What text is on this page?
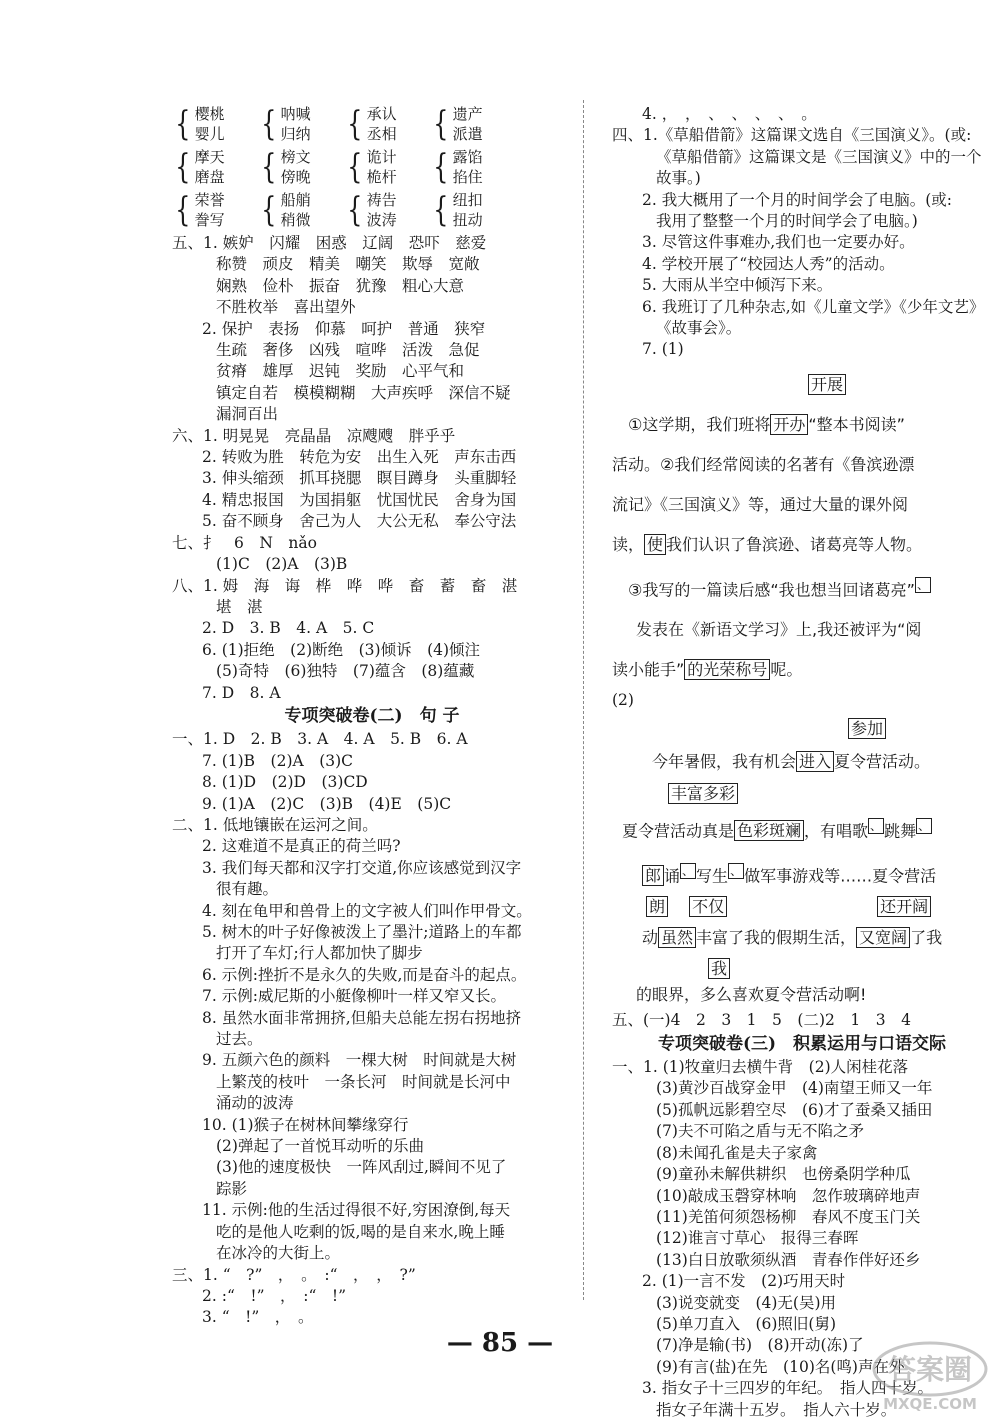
{ 樱桃
婴儿 { 呐喊
归纳 { 承认
丞相 { 遗产
派遣
{ 摩天
磨盘 { 榜文
傍晚 { 诡计
桅杆 { 露馅
掐住
{ 荣誉
誊写 { 船艄
稍微 { 祷告
波涛 { 纽扣
扭动

五、1. 嫉妒　闪耀　困惑　辽阔　恐吓　慈爱

称赞　顽皮　精美　嘲笑　欺辱　宽敞

娴熟　俭朴　振奋　犹豫　粗心大意

不胜枚举　喜出望外

2. 保护　表扬　仰慕　呵护　普通　狭窄

生疏　奢侈　凶残　喧哗　活泼　急促

贫瘠　雄厚　迟钝　奖励　心平气和

镇定自若　模模糊糊　大声疾呼　深信不疑

漏洞百出

六、1. 明晃晃　亮晶晶　凉飕飕　胖乎乎

2. 转败为胜　转危为安　出生入死　声东击西

3. 伸头缩颈　抓耳挠腮　瞑目蹲身　头重脚轻

4. 精忠报国　为国捐躯　忧国忧民　舍身为国

5. 奋不顾身　舍己为人　大公无私　奉公守法

七、扌　6　N　nǎo

(1)C　(2)A　(3)B

八、1. 姆　海　诲　桦　哗　哗　畜　蓄　畜　湛

堪　湛

2. D　3. B　4. A　5. C

6. (1)拒绝　(2)断绝　(3)倾诉　(4)倾注

(5)奇特　(6)独特　(7)蕴含　(8)蕴藏

7. D　8. A

专项突破卷(二)　句 子

一、1. D　2. B　3. A　4. A　5. B　6. A

7. (1)B　(2)A　(3)C

8. (1)D　(2)D　(3)CD

9. (1)A　(2)C　(3)B　(4)E　(5)C

二、1. 低地镶嵌在运河之间。

2. 这难道不是真正的荷兰吗?

3. 我们每天都和汉字打交道,你应该感觉到汉字

很有趣。

4. 刻在龟甲和兽骨上的文字被人们叫作甲骨文。

5. 树木的叶子好像被泼上了墨汁;道路上的车都

打开了车灯;行人都加快了脚步

6. 示例:挫折不是永久的失败,而是奋斗的起点。

7. 示例:威尼斯的小艇像柳叶一样又窄又长。

8. 虽然水面非常拥挤,但船夫总能左拐右拐地挤

过去。

9. 五颜六色的颜料　一棵大树　时间就是大树

上繁茂的枝叶　一条长河　时间就是长河中

涌动的波涛

10. (1)猴子在树林间攀缘穿行

(2)弹起了一首悦耳动听的乐曲

(3)他的速度极快　一阵风刮过,瞬间不见了

踪影

11. 示例:他的生活过得很不好,穷困潦倒,每天

吃的是他人吃剩的饭,喝的是自来水,晚上睡

在冰冷的大街上。

三、1. “　?”　，　。　:“　，　，　?”

2. :“　!”　，　:“　!”

3. “　!”　，　。

4. ，　，　、　、　、　、　。

四、1.《草船借箭》这篇课文选自《三国演义》。(或:

《草船借箭》这篇课文是《三国演义》中的一个

故事。)

2. 我大概用了一个月的时间学会了电脑。(或:

我用了整整一个月的时间学会了电脑。)

3. 尽管这件事难办,我们也一定要办好。

4. 学校开展了“校园达人秀”的活动。

5. 大雨从半空中倾泻下来。

6. 我班订了几种杂志,如《儿童文学》《少年文艺》

《故事会》。

7. (1)

开展
①这学期，我们班将 开办 “整本书阅读”
活动。②我们经常阅读的名著有《鲁滨逊漂
流记》《三国演义》等，通过大量的课外阅
读， 使 我们认识了鲁滨逊、诸葛亮等人物。
③我写的一篇读后感“我也想当回诸葛亮” 、
发表在《新语文学习》上,我还被评为“阅
读小能手” 的光荣称号 呢。

(2)

参加
今年暑假，我有机会 进入 夏令营活动。
丰富多彩
夏令营活动真是 色彩斑斓 ，有唱歌 、 跳舞 、
郎 诵 、 写生 、 做军事游戏等……夏令营活
朗　 不仅	还开阔
动 虽然 丰富了我的假期生活， 又宽阔 了我
我
的眼界，多么喜欢夏令营活动啊!

五、(一)4　2　3　1　5　(二)2　1　3　4

专项突破卷(三)　积累运用与口语交际

一、1. (1)牧童归去横牛背　(2)人闲桂花落

(3)黄沙百战穿金甲　(4)南望王师又一年

(5)孤帆远影碧空尽　(6)才了蚕桑又插田

(7)夫不可陷之盾与无不陷之矛

(8)未闻孔雀是夫子家禽

(9)童孙未解供耕织　也傍桑阴学种瓜

(10)敲成玉磬穿林响　忽作玻璃碎地声

(11)羌笛何须怨杨柳　春风不度玉门关

(12)谁言寸草心　报得三春晖

(13)白日放歌须纵酒　青春作伴好还乡

2. (1)一言不发　(2)巧用天时

(3)说变就变　(4)无(吴)用

(5)单刀直入　(6)照旧(舅)

(7)净是输(书)　(8)开动(冻)了

(9)有言(盐)在先　(10)名(鸣)声在外

3. 指女子十三四岁的年纪。　指人四十岁。

指女子年满十五岁。　指人六十岁。

— 85 —
答案圈
MXQE.COM
